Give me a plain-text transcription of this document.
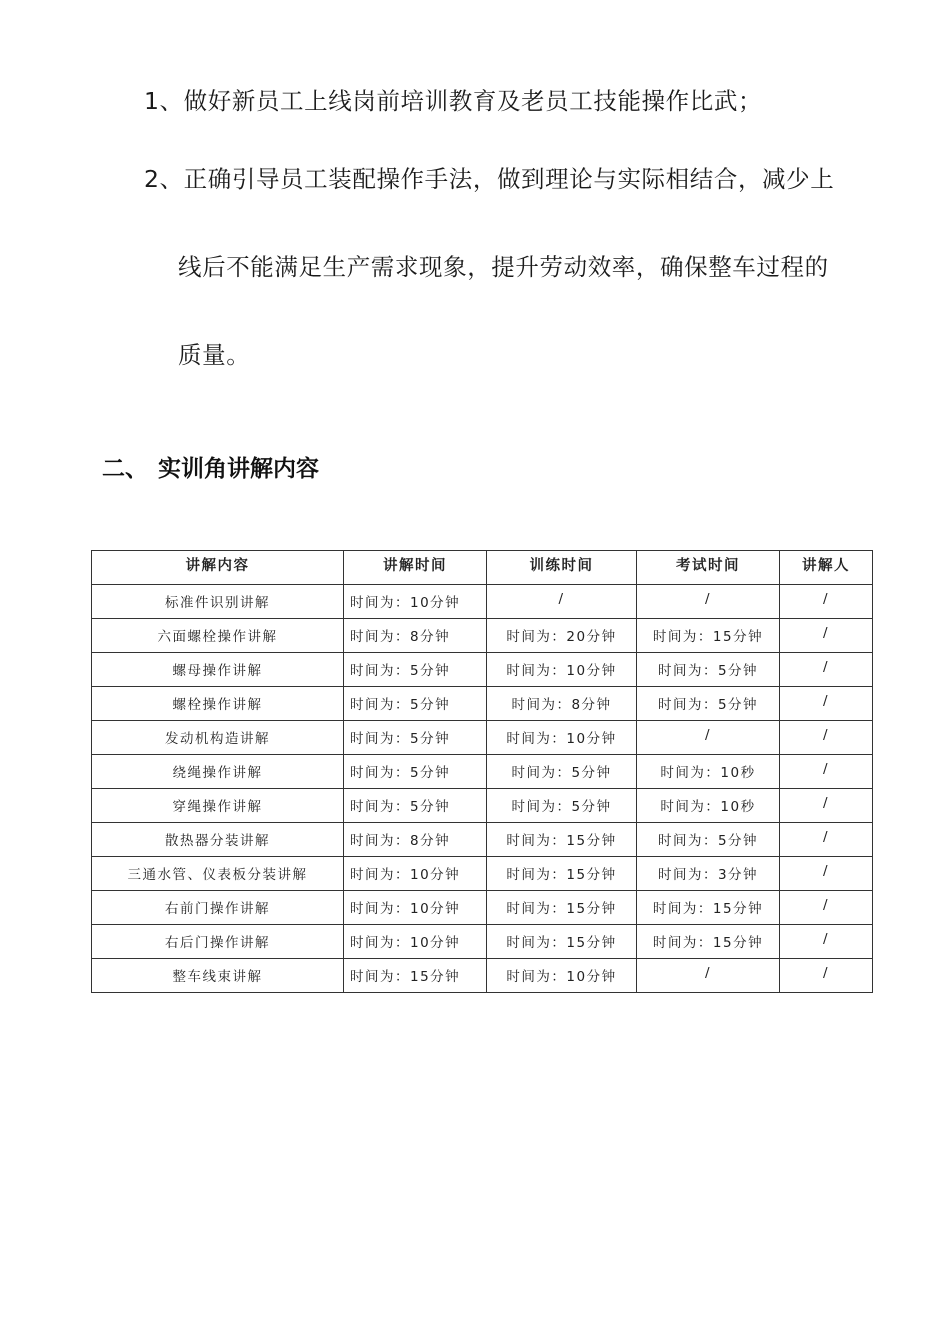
1、做好新员工上线岗前培训教育及老员工技能操作比武；
2、正确引导员工装配操作手法，做到理论与实际相结合，减少上
线后不能满足生产需求现象，提升劳动效率，确保整车过程的
质量。
二、 实训角讲解内容
讲解内容	讲解时间	训练时间	考试时间	讲解人
标准件识别讲解	时间为：10分钟	/	/	/
六面螺栓操作讲解	时间为：8分钟	时间为：20分钟	时间为：15分钟	/
螺母操作讲解	时间为：5分钟	时间为：10分钟	时间为：5分钟	/
螺栓操作讲解	时间为：5分钟	时间为：8分钟	时间为：5分钟	/
发动机构造讲解	时间为：5分钟	时间为：10分钟	/	/
绕绳操作讲解	时间为：5分钟	时间为：5分钟	时间为：10秒	/
穿绳操作讲解	时间为：5分钟	时间为：5分钟	时间为：10秒	/
散热器分装讲解	时间为：8分钟	时间为：15分钟	时间为：5分钟	/
三通水管、仪表板分装讲解	时间为：10分钟	时间为：15分钟	时间为：3分钟	/
右前门操作讲解	时间为：10分钟	时间为：15分钟	时间为：15分钟	/
右后门操作讲解	时间为：10分钟	时间为：15分钟	时间为：15分钟	/
整车线束讲解	时间为：15分钟	时间为：10分钟	/	/
